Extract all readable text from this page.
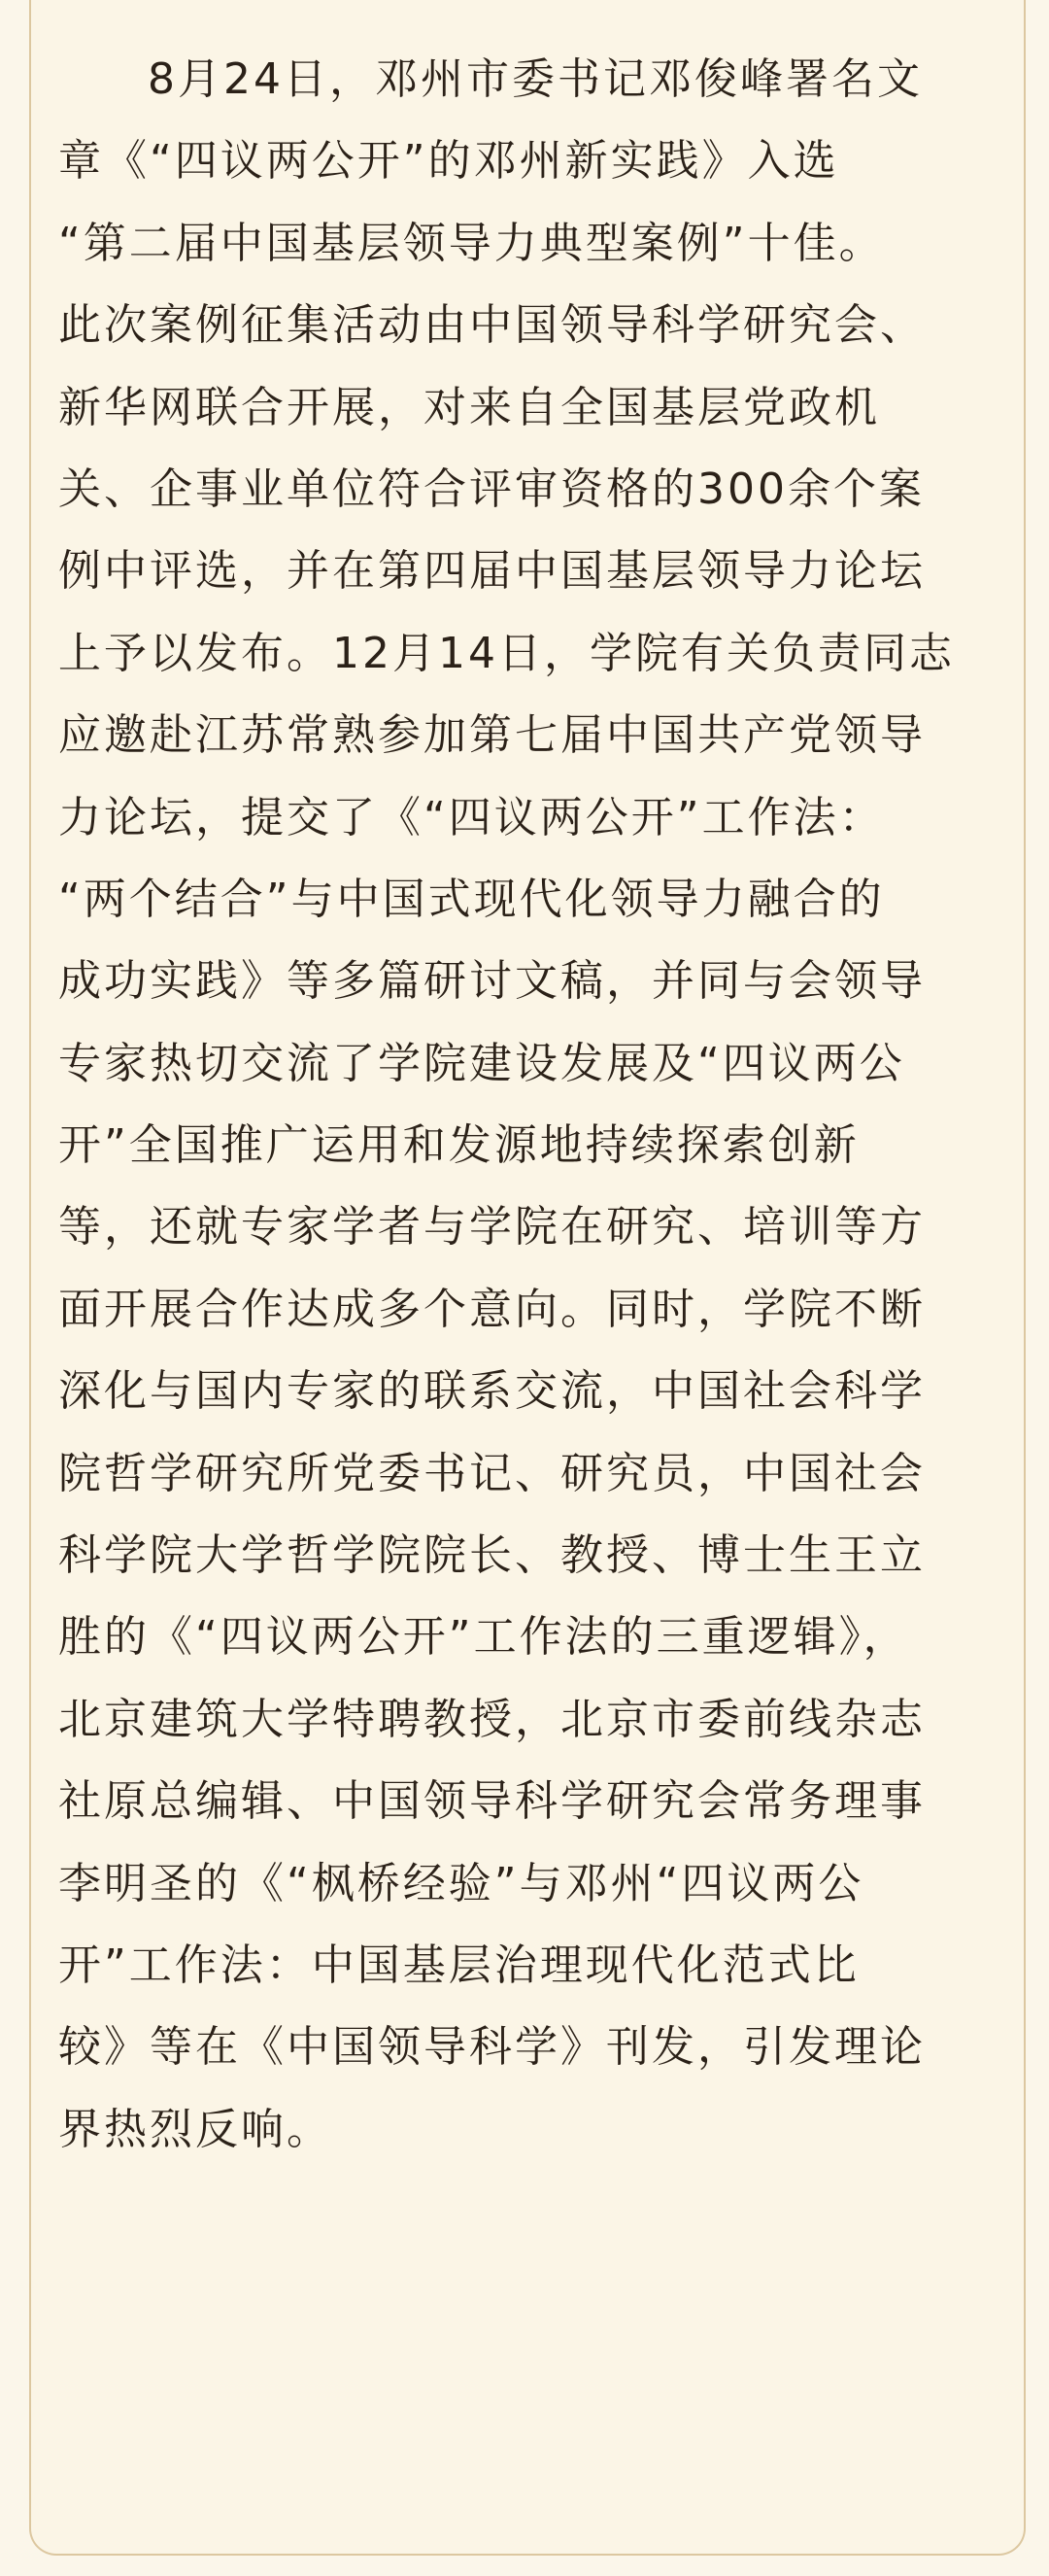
8月24日，邓州市委书记邓俊峰署名文
章《“四议两公开”的邓州新实践》入选
“第二届中国基层领导力典型案例”十佳。
此次案例征集活动由中国领导科学研究会、
新华网联合开展，对来自全国基层党政机
关、企事业单位符合评审资格的300余个案
例中评选，并在第四届中国基层领导力论坛
上予以发布。12月14日，学院有关负责同志
应邀赴江苏常熟参加第七届中国共产党领导
力论坛，提交了《“四议两公开”工作法：
“两个结合”与中国式现代化领导力融合的
成功实践》等多篇研讨文稿，并同与会领导
专家热切交流了学院建设发展及“四议两公
开”全国推广运用和发源地持续探索创新
等，还就专家学者与学院在研究、培训等方
面开展合作达成多个意向。同时，学院不断
深化与国内专家的联系交流，中国社会科学
院哲学研究所党委书记、研究员，中国社会
科学院大学哲学院院长、教授、博士生王立
胜的《“四议两公开”工作法的三重逻辑》，
北京建筑大学特聘教授，北京市委前线杂志
社原总编辑、中国领导科学研究会常务理事
李明圣的《“枫桥经验”与邓州“四议两公
开”工作法：中国基层治理现代化范式比
较》等在《中国领导科学》刊发，引发理论
界热烈反响。
